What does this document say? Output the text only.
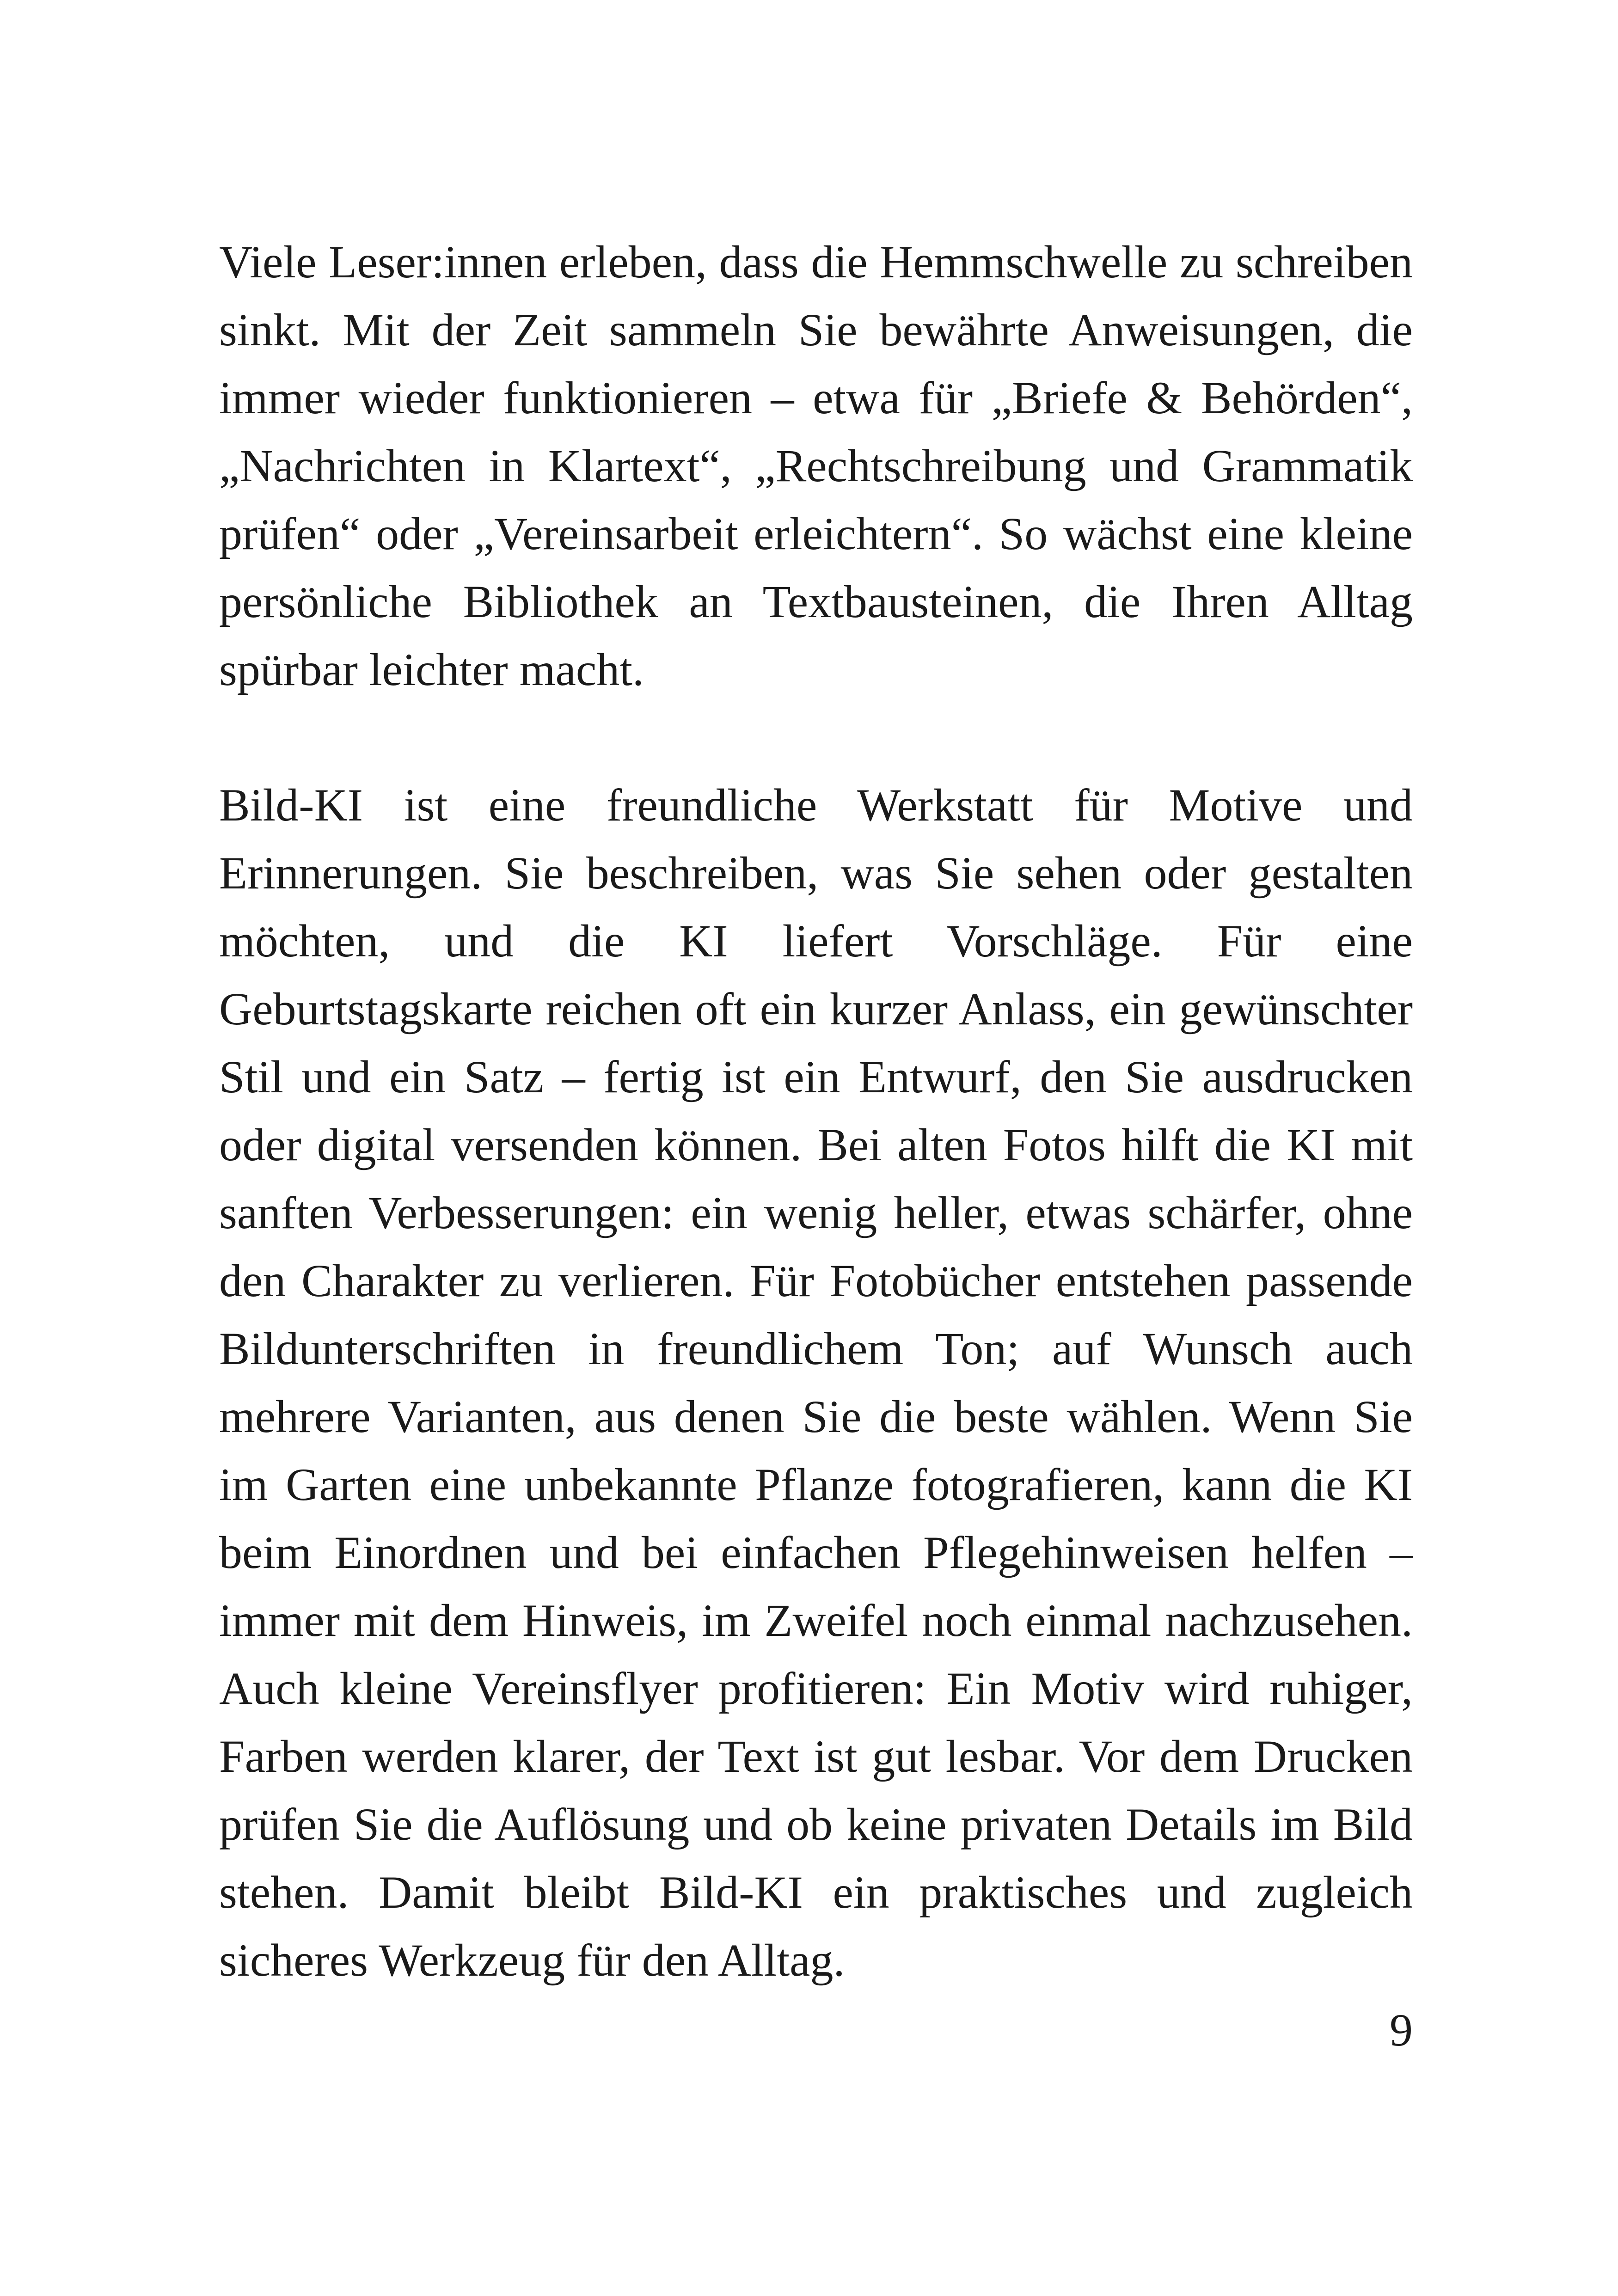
Viele Leser:innen erleben, dass die Hemmschwelle zu schreiben sinkt. Mit der Zeit sammeln Sie bewährte Anweisungen, die immer wieder funktionieren – etwa für „Briefe & Behörden“, „Nachrichten in Klartext“, „Rechtschreibung und Grammatik prüfen“ oder „Vereinsarbeit erleichtern“. So wächst eine kleine persönliche Bibliothek an Textbausteinen, die Ihren Alltag spürbar leichter macht.

Bild-KI ist eine freundliche Werkstatt für Motive und Erinnerungen. Sie beschreiben, was Sie sehen oder gestalten möchten, und die KI liefert Vorschläge. Für eine Geburtstagskarte reichen oft ein kurzer Anlass, ein gewünschter Stil und ein Satz – fertig ist ein Entwurf, den Sie ausdrucken oder digital versenden können. Bei alten Fotos hilft die KI mit sanften Verbesserungen: ein wenig heller, etwas schärfer, ohne den Charakter zu verlieren. Für Fotobücher entstehen passende Bildunterschriften in freundlichem Ton; auf Wunsch auch mehrere Varianten, aus denen Sie die beste wählen. Wenn Sie im Garten eine unbekannte Pflanze fotografieren, kann die KI beim Einordnen und bei einfachen Pflegehinweisen helfen – immer mit dem Hinweis, im Zweifel noch einmal nachzusehen. Auch kleine Vereinsflyer profitieren: Ein Motiv wird ruhiger, Farben werden klarer, der Text ist gut lesbar. Vor dem Drucken prüfen Sie die Auflösung und ob keine privaten Details im Bild stehen. Damit bleibt Bild-KI ein praktisches und zugleich sicheres Werkzeug für den Alltag.

9
